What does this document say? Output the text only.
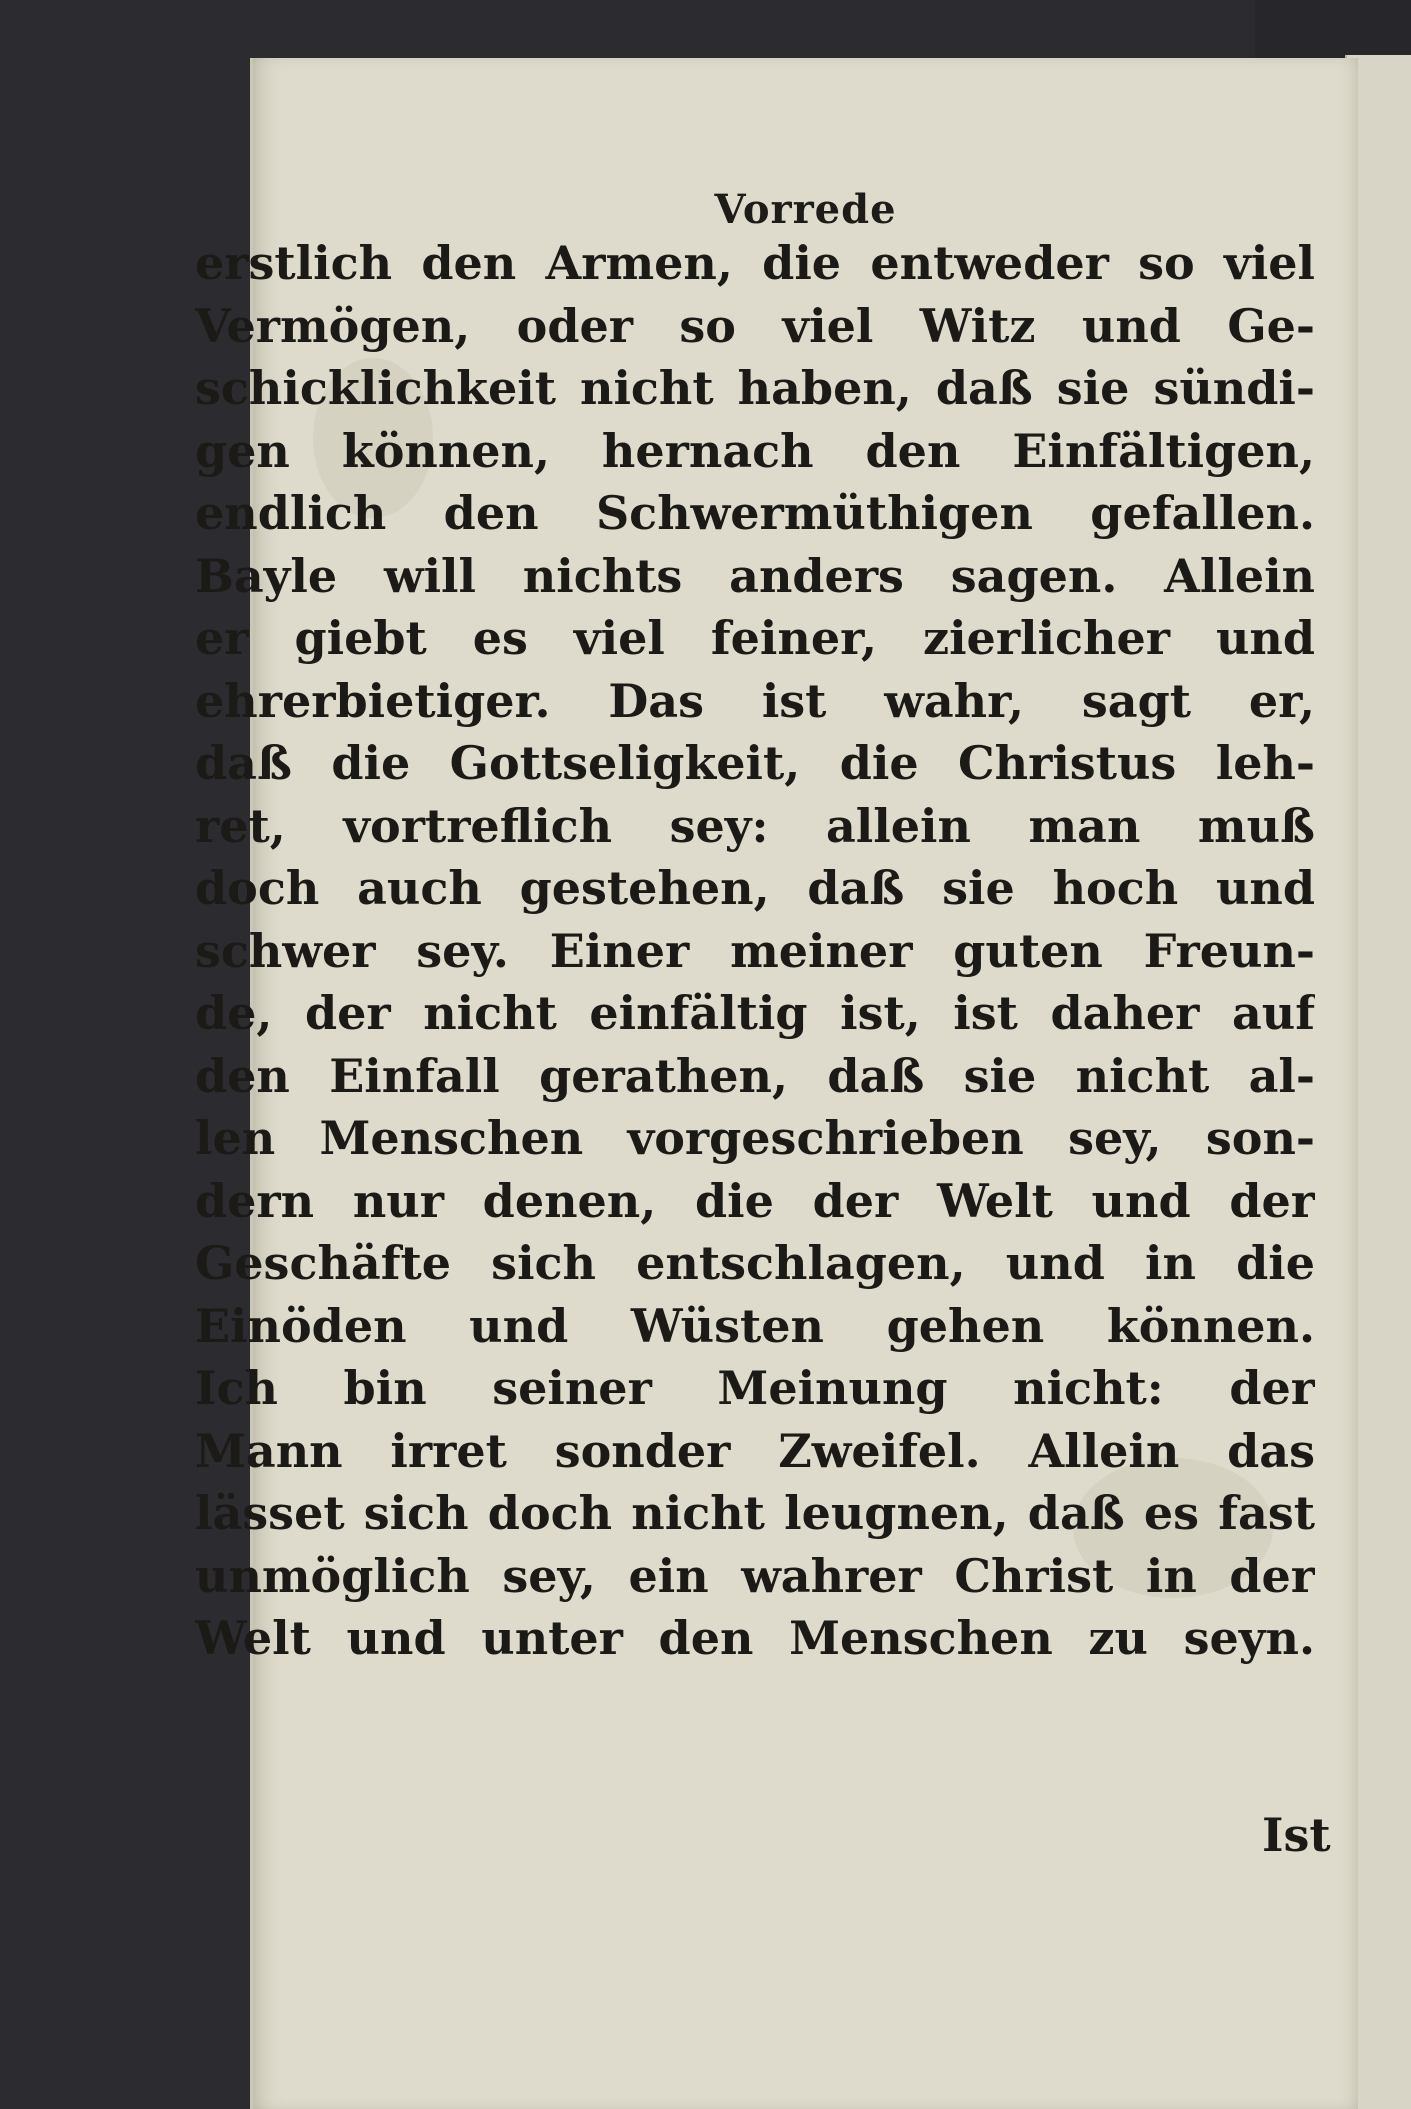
Vorrede
erstlich den Armen, die entweder so viel
Vermögen, oder so viel Witz und Ge-
schicklichkeit nicht haben, daß sie sündi-
gen können, hernach den Einfältigen,
endlich den Schwermüthigen gefallen.
Bayle will nichts anders sagen. Allein
er giebt es viel feiner, zierlicher und
ehrerbietiger. Das ist wahr, sagt er,
daß die Gottseligkeit, die Christus leh-
ret, vortreflich sey: allein man muß
doch auch gestehen, daß sie hoch und
schwer sey. Einer meiner guten Freun-
de, der nicht einfältig ist, ist daher auf
den Einfall gerathen, daß sie nicht al-
len Menschen vorgeschrieben sey, son-
dern nur denen, die der Welt und der
Geschäfte sich entschlagen, und in die
Einöden und Wüsten gehen können.
Ich bin seiner Meinung nicht: der
Mann irret sonder Zweifel. Allein das
lässet sich doch nicht leugnen, daß es fast
unmöglich sey, ein wahrer Christ in der
Welt und unter den Menschen zu seyn.
Ist
